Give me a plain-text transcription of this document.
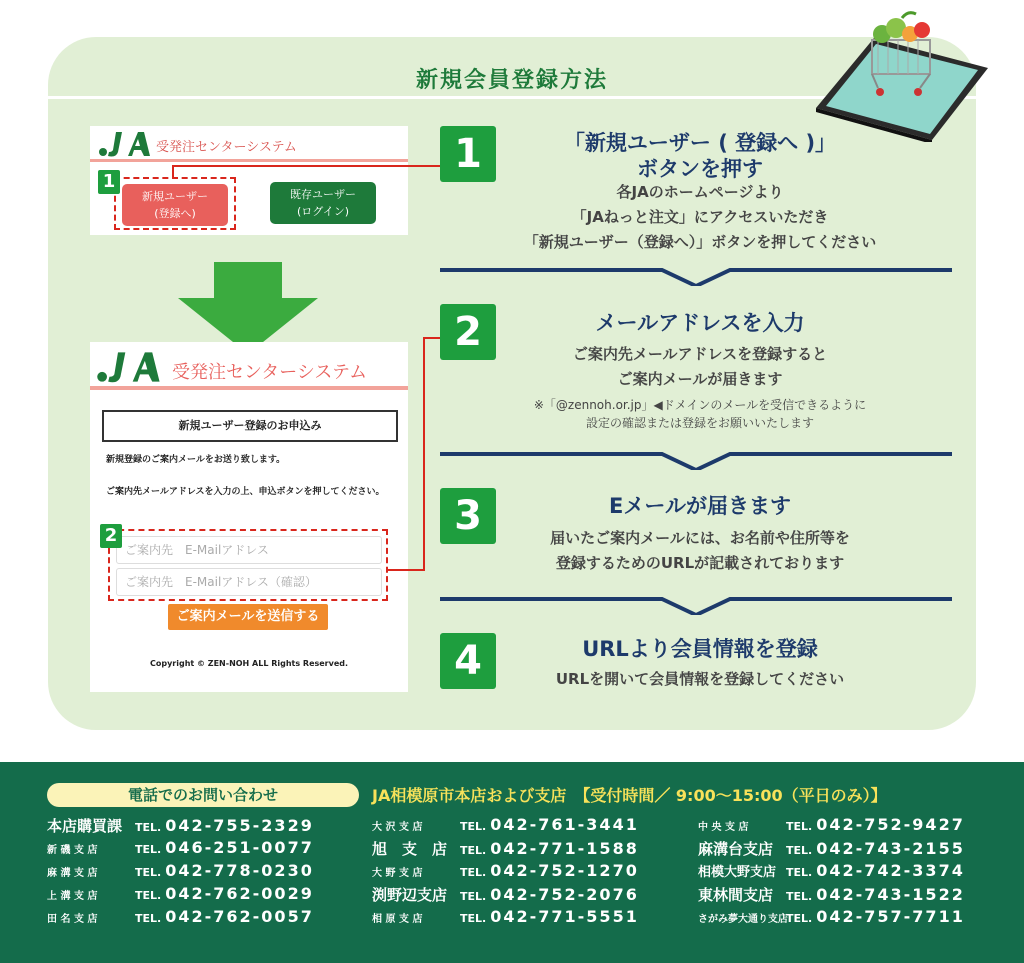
新規会員登録方法
受発注センターシステム
新規ユーザー
(登録へ)
既存ユーザー
(ログイン)
1
受発注センターシステム
新規ユーザー登録のお申込み
新規登録のご案内メールをお送り致します。
ご案内先メールアドレスを入力の上、申込ボタンを押してください。
ご案内先　E-Mailアドレス
ご案内先　E-Mailアドレス（確認）
2
ご案内メールを送信する
Copyright © ZEN-NOH ALL Rights Reserved.
1	「新規ユーザー ( 登録へ )」
ボタンを押す
各JAのホームページより
「JAねっと注文」にアクセスいただき
「新規ユーザー（登録へ）」ボタンを押してください
2	メールアドレスを入力
ご案内先メールアドレスを登録すると
ご案内メールが届きます
※「@zennoh.or.jp」◀ドメインのメールを受信できるように
設定の確認または登録をお願いいたします
3	Eメールが届きます
届いたご案内メールには、お名前や住所等を
登録するためのURLが記載されております
4	URLより会員情報を登録
URLを開いて会員情報を登録してください
電話でのお問い合わせ	JA相模原市本店および支店　【受付時間／ 9:00～15:00（平日のみ）】
本店購買課 TEL. 042-755-2329
新 磯 支 店	TEL. 046-251-0077
麻 溝 支 店	TEL. 042-778-0230
上 溝 支 店	TEL. 042-762-0029
田 名 支 店	TEL. 042-762-0057
大 沢 支 店	TEL. 042-761-3441
旭　支　店 TEL. 042-771-1588
大 野 支 店	TEL. 042-752-1270
渕野辺支店 TEL. 042-752-2076
相 原 支 店	TEL. 042-771-5551
中 央 支 店	TEL. 042-752-9427
麻溝台支店 TEL. 042-743-2155
相模大野支店 TEL. 042-742-3374
東林間支店 TEL. 042-743-1522
さがみ夢大通り支店TEL. 042-757-7711
